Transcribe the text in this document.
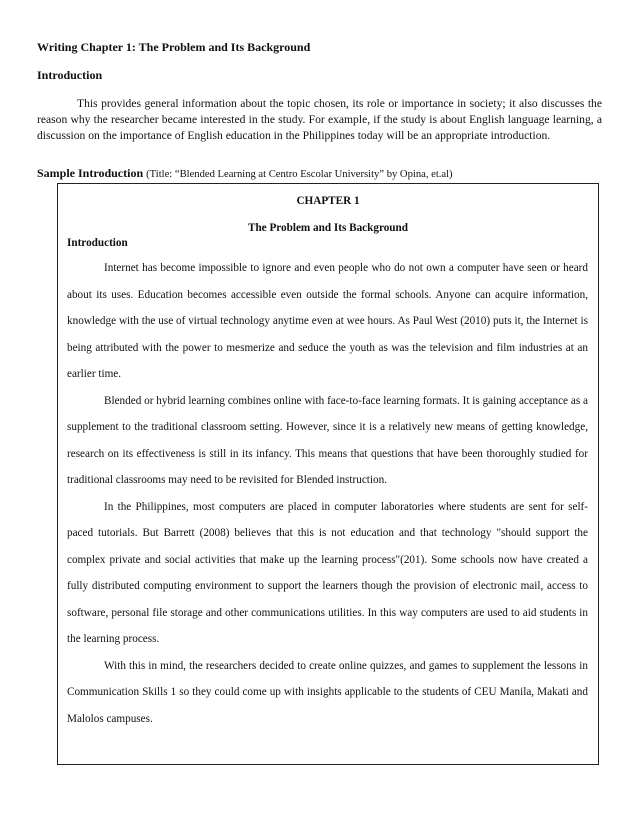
Writing Chapter 1: The Problem and Its Background
Introduction

This provides general information about the topic chosen, its role or importance in society; it also discusses the reason why the researcher became interested in the study. For example, if the study is about English language learning, a discussion on the importance of English education in the Philippines today will be an appropriate introduction.

Sample Introduction (Title: “Blended Learning at Centro Escolar University” by Opina, et.al)
CHAPTER 1
The Problem and Its Background
Introduction

Internet has become impossible to ignore and even people who do not own a computer have seen or heard about its uses. Education becomes accessible even outside the formal schools. Anyone can acquire information, knowledge with the use of virtual technology anytime even at wee hours. As Paul West (2010) puts it, the Internet is being attributed with the power to mesmerize and seduce the youth as was the television and film industries at an earlier time.

Blended or hybrid learning combines online with face-to-face learning formats. It is gaining acceptance as a supplement to the traditional classroom setting. However, since it is a relatively new means of getting knowledge, research on its effectiveness is still in its infancy. This means that questions that have been thoroughly studied for traditional classrooms may need to be revisited for Blended instruction.

In the Philippines, most computers are placed in computer laboratories where students are sent for self-paced tutorials. But Barrett (2008) believes that this is not education and that technology "should support the complex private and social activities that make up the learning process"(201). Some schools now have created a fully distributed computing environment to support the learners though the provision of electronic mail, access to software, personal file storage and other communications utilities. In this way computers are used to aid students in the learning process.

With this in mind, the researchers decided to create online quizzes, and games to supplement the lessons in Communication Skills 1 so they could come up with insights applicable to the students of CEU Manila, Makati and Malolos campuses.
